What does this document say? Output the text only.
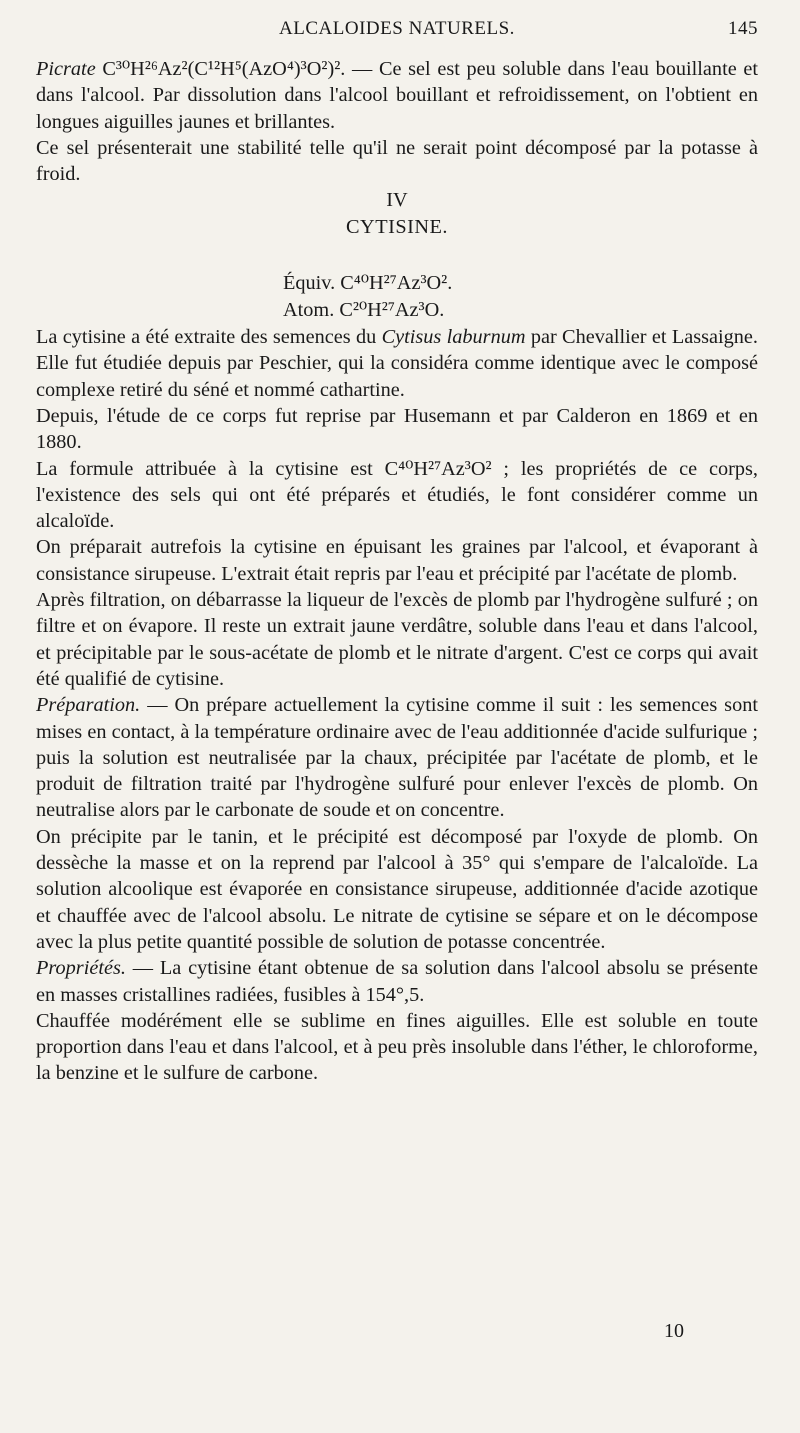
ALCALOIDES NATURELS.	145

Picrate C³⁰H²⁶Az²(C¹²H⁵(AzO⁴)³O²)². — Ce sel est peu soluble dans l'eau bouillante et dans l'alcool. Par dissolution dans l'alcool bouillant et refroidissement, on l'obtient en longues aiguilles jaunes et brillantes.

Ce sel présenterait une stabilité telle qu'il ne serait point décomposé par la potasse à froid.

IV

CYTISINE.

Équiv. C⁴⁰H²⁷Az³O².
Atom. C²⁰H²⁷Az³O.

La cytisine a été extraite des semences du Cytisus laburnum par Chevallier et Lassaigne. Elle fut étudiée depuis par Peschier, qui la considéra comme identique avec le composé complexe retiré du séné et nommé cathartine.

Depuis, l'étude de ce corps fut reprise par Husemann et par Calderon en 1869 et en 1880.

La formule attribuée à la cytisine est C⁴⁰H²⁷Az³O² ; les propriétés de ce corps, l'existence des sels qui ont été préparés et étudiés, le font considérer comme un alcaloïde.

On préparait autrefois la cytisine en épuisant les graines par l'alcool, et évaporant à consistance sirupeuse. L'extrait était repris par l'eau et précipité par l'acétate de plomb.

Après filtration, on débarrasse la liqueur de l'excès de plomb par l'hydrogène sulfuré ; on filtre et on évapore. Il reste un extrait jaune verdâtre, soluble dans l'eau et dans l'alcool, et précipitable par le sous-acétate de plomb et le nitrate d'argent. C'est ce corps qui avait été qualifié de cytisine.

Préparation. — On prépare actuellement la cytisine comme il suit : les semences sont mises en contact, à la température ordinaire avec de l'eau additionnée d'acide sulfurique ; puis la solution est neutralisée par la chaux, précipitée par l'acétate de plomb, et le produit de filtration traité par l'hydrogène sulfuré pour enlever l'excès de plomb. On neutralise alors par le carbonate de soude et on concentre.

On précipite par le tanin, et le précipité est décomposé par l'oxyde de plomb. On dessèche la masse et on la reprend par l'alcool à 35° qui s'empare de l'alcaloïde. La solution alcoolique est évaporée en consistance sirupeuse, additionnée d'acide azotique et chauffée avec de l'alcool absolu. Le nitrate de cytisine se sépare et on le décompose avec la plus petite quantité possible de solution de potasse concentrée.

Propriétés. — La cytisine étant obtenue de sa solution dans l'alcool absolu se présente en masses cristallines radiées, fusibles à 154°,5.

Chauffée modérément elle se sublime en fines aiguilles. Elle est soluble en toute proportion dans l'eau et dans l'alcool, et à peu près insoluble dans l'éther, le chloroforme, la benzine et le sulfure de carbone.

10
